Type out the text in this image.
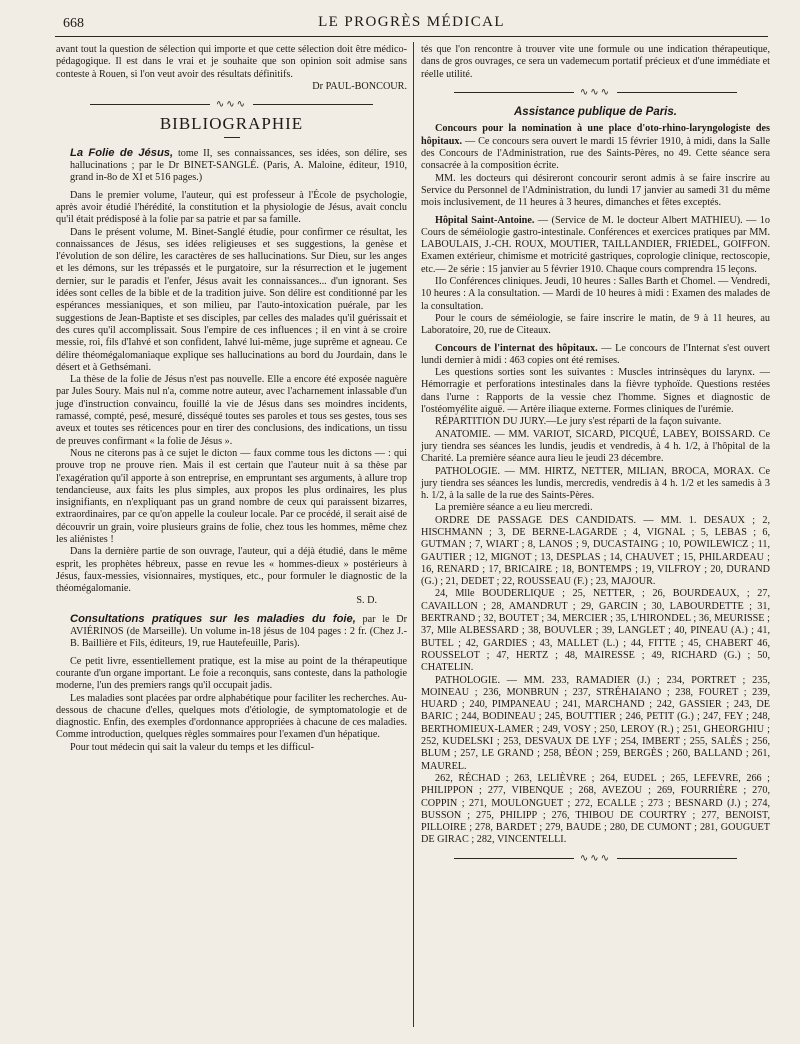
668	LE PROGRÈS MÉDICAL

avant tout la question de sélection qui importe et que cette sélection doit être médico-pédagogique. Il est dans le vrai et je souhaite que son opinion soit admise sans conteste à Rouen, si l'on veut avoir des résultats définitifs.

Dr PAUL-BONCOUR.
∿∿∿
BIBLIOGRAPHIE

La Folie de Jésus, tome II, ses connaissances, ses idées, son délire, ses hallucinations ; par le Dr BINET-SANGLÉ. (Paris, A. Maloine, éditeur, 1910, grand in-8o de XI et 516 pages.)

Dans le premier volume, l'auteur, qui est professeur à l'École de psychologie, après avoir étudié l'hérédité, la constitution et la physiologie de Jésus, avait conclu qu'il était prédisposé à la folie par sa patrie et par sa famille.

Dans le présent volume, M. Binet-Sanglé étudie, pour confirmer ce résultat, les connaissances de Jésus, ses idées religieuses et ses suggestions, la genèse et l'évolution de son délire, les caractères de ses hallucinations. Sur Dieu, sur les anges et les démons, sur les trépassés et le purgatoire, sur la résurrection et le jugement dernier, sur le paradis et l'enfer, Jésus avait les connaissances... d'un ignorant. Ses idées sont celles de la bible et de la tradition juive. Son délire est conditionné par les espérances messianiques, et son milieu, par l'auto-intoxication puérale, par les suggestions de Jean-Baptiste et ses disciples, par celles des malades qu'il guérissait et des cures qu'il accomplissait. Sous l'empire de ces influences ; il en vint à se croire messie, roi, fils d'Iahvé et son confident, Iahvé lui-même, juge suprême et agneau. Ce délire théomégalomaniaque explique ses hallucinations au bord du Jourdain, dans le désert et à Gethsémani.

La thèse de la folie de Jésus n'est pas nouvelle. Elle a encore été exposée naguère par Jules Soury. Mais nul n'a, comme notre auteur, avec l'acharnement inlassable d'un juge d'instruction convaincu, fouillé la vie de Jésus dans ses moindres incidents, ramassé, compté, pesé, mesuré, disséqué toutes ses paroles et tous ses gestes, tous ses aveux et toutes ses réticences pour en tirer des conclusions, des indications, un tissu de preuves confirmant « la folie de Jésus ».

Nous ne citerons pas à ce sujet le dicton — faux comme tous les dictons — : qui prouve trop ne prouve rien. Mais il est certain que l'auteur nuit à sa thèse par l'exagération qu'il apporte à son entreprise, en empruntant ses arguments, à allure trop tendancieuse, aux faits les plus simples, aux propos les plus ordinaires, les plus insignifiants, en n'expliquant pas un grand nombre de ceux qui paraissent bizarres, extraordinaires, par ce qu'on appelle la couleur locale. Par ce procédé, il serait aisé de découvrir un grain, voire plusieurs grains de folie, chez tous les hommes, même chez les aliénistes !

Dans la dernière partie de son ouvrage, l'auteur, qui a déjà étudié, dans le même esprit, les prophètes hébreux, passe en revue les « hommes-dieux » postérieurs à Jésus, faux-messies, visionnaires, mystiques, etc., pour formuler le diagnostic de la théomégalomanie.

S. D.

Consultations pratiques sur les maladies du foie, par le Dr AVIÉRINOS (de Marseille). Un volume in-18 jésus de 104 pages : 2 fr. (Chez J.-B. Baillière et Fils, éditeurs, 19, rue Hautefeuille, Paris).

Ce petit livre, essentiellement pratique, est la mise au point de la thérapeutique courante d'un organe important. Le foie a reconquis, sans conteste, dans la pathologie moderne, l'un des premiers rangs qu'il occupait jadis.

Les maladies sont placées par ordre alphabétique pour faciliter les recherches. Au-dessous de chacune d'elles, quelques mots d'étiologie, de symptomatologie et de diagnostic. Enfin, des exemples d'ordonnance appropriées à chacune de ces maladies. Comme introduction, quelques règles sommaires pour l'examen d'un hépatique.

Pour tout médecin qui sait la valeur du temps et les difficul-

tés que l'on rencontre à trouver vite une formule ou une indication thérapeutique, dans de gros ouvrages, ce sera un vademecum portatif précieux et d'une immédiate et réelle utilité.

∿∿∿
Assistance publique de Paris.

Concours pour la nomination à une place d'oto-rhino-laryngologiste des hôpitaux. — Ce concours sera ouvert le mardi 15 février 1910, à midi, dans la Salle des Concours de l'Administration, rue des Saints-Pères, no 49. Cette séance sera consacrée à la composition écrite.

MM. les docteurs qui désireront concourir seront admis à se faire inscrire au Service du Personnel de l'Administration, du lundi 17 janvier au samedi 31 du même mois inclusivement, de 11 heures à 3 heures, dimanches et fêtes exceptés.

Hôpital Saint-Antoine. — (Service de M. le docteur Albert MATHIEU). — 1o Cours de séméiologie gastro-intestinale. Conférences et exercices pratiques par MM. LABOULAIS, J.-CH. ROUX, MOUTIER, TAILLANDIER, FRIEDEL, GOIFFON. Examen extérieur, chimisme et motricité gastriques, coprologie clinique, rectoscopie, etc.— 2e série : 15 janvier au 5 février 1910. Chaque cours comprendra 15 leçons.

IIo Conférences cliniques. Jeudi, 10 heures : Salles Barth et Chomel. — Vendredi, 10 heures : A la consultation. — Mardi de 10 heures à midi : Examen des malades de la consultation.

Pour le cours de séméiologie, se faire inscrire le matin, de 9 à 11 heures, au Laboratoire, 20, rue de Citeaux.

Concours de l'internat des hôpitaux. — Le concours de l'Internat s'est ouvert lundi dernier à midi : 463 copies ont été remises.

Les questions sorties sont les suivantes : Muscles intrinsèques du larynx. — Hémorragie et perforations intestinales dans la fièvre typhoïde. Questions restées dans l'urne : Rapports de la vessie chez l'homme. Signes et diagnostic de l'ostéomyélite aiguë. — Artère iliaque externe. Formes cliniques de l'urémie.

RÉPARTITION DU JURY.—Le jury s'est réparti de la façon suivante.

ANATOMIE. — MM. VARIOT, SICARD, PICQUÉ, LABEY, BOISSARD. Ce jury tiendra ses séances les lundis, jeudis et vendredis, à 4 h. 1/2, à l'hôpital de la Charité. La première séance aura lieu le jeudi 23 décembre.

PATHOLOGIE. — MM. HIRTZ, NETTER, MILIAN, BROCA, MORAX. Ce jury tiendra ses séances les lundis, mercredis, vendredis à 4 h. 1/2 et les samedis à 3 h. 1/2, à la salle de la rue des Saints-Pères.

La première séance a eu lieu mercredi.

ORDRE DE PASSAGE DES CANDIDATS. — MM. 1. DESAUX ; 2, HISCHMANN ; 3, DE BERNE-LAGARDE ; 4, VIGNAL ; 5, LEBAS ; 6, GUTMAN ; 7, WIART ; 8, LANOS ; 9, DUCASTAING ; 10, POWILEWICZ ; 11, GAUTIER ; 12, MIGNOT ; 13, DESPLAS ; 14, CHAUVET ; 15, PHILARDEAU ; 16, RENARD ; 17, BRICAIRE ; 18, BONTEMPS ; 19, VILFROY ; 20, DURAND (G.) ; 21, DEDET ; 22, ROUSSEAU (F.) ; 23, MAJOUR.

24, Mlle BOUDERLIQUE ; 25, NETTER, ; 26, BOURDEAUX, ; 27, CAVAILLON ; 28, AMANDRUT ; 29, GARCIN ; 30, LABOURDETTE ; 31, BERTRAND ; 32, BOUTET ; 34, MERCIER ; 35, L'HIRONDEL ; 36, MEURISSE ; 37, Mlle ALBESSARD ; 38, BOUVLER ; 39, LANGLET ; 40, PINEAU (A.) ; 41, BUTEL ; 42, GARDIES ; 43, MALLET (L.) ; 44, FITTE ; 45, CHABERT 46, ROUSSELOT ; 47, HERTZ ; 48, MAIRESSE ; 49, RICHARD (G.) ; 50, CHATELIN.

PATHOLOGIE. — MM. 233, RAMADIER (J.) ; 234, PORTRET ; 235, MOINEAU ; 236, MONBRUN ; 237, STRÉHAIANO ; 238, FOURET ; 239, HUARD ; 240, PIMPANEAU ; 241, MARCHAND ; 242, GASSIER ; 243, DE BARIC ; 244, BODINEAU ; 245, BOUTTIER ; 246, PETIT (G.) ; 247, FEY ; 248, BERTHOMIEUX-LAMER ; 249, VOSY ; 250, LEROY (R.) ; 251, GHEORGHIU ; 252, KUDELSKI ; 253, DESVAUX DE LYF ; 254, IMBERT ; 255, SALÈS ; 256, BLUM ; 257, LE GRAND ; 258, BÉON ; 259, BERGÈS ; 260, BALLAND ; 261, MAUREL.

262, RÉCHAD ; 263, LELIÈVRE ; 264, EUDEL ; 265, LEFEVRE, 266 ; PHILIPPON ; 277, VIBENQUE ; 268, AVEZOU ; 269, FOURRIÈRE ; 270, COPPIN ; 271, MOULONGUET ; 272, ECALLE ; 273 ; BESNARD (J.) ; 274, BUSSON ; 275, PHILIPP ; 276, THIBOU DE COURTRY ; 277, BENOIST, PILLOIRE ; 278, BARDET ; 279, BAUDE ; 280, DE CUMONT ; 281, GOUGUET DE GIRAC ; 282, VINCENTELLI.

∿∿∿
